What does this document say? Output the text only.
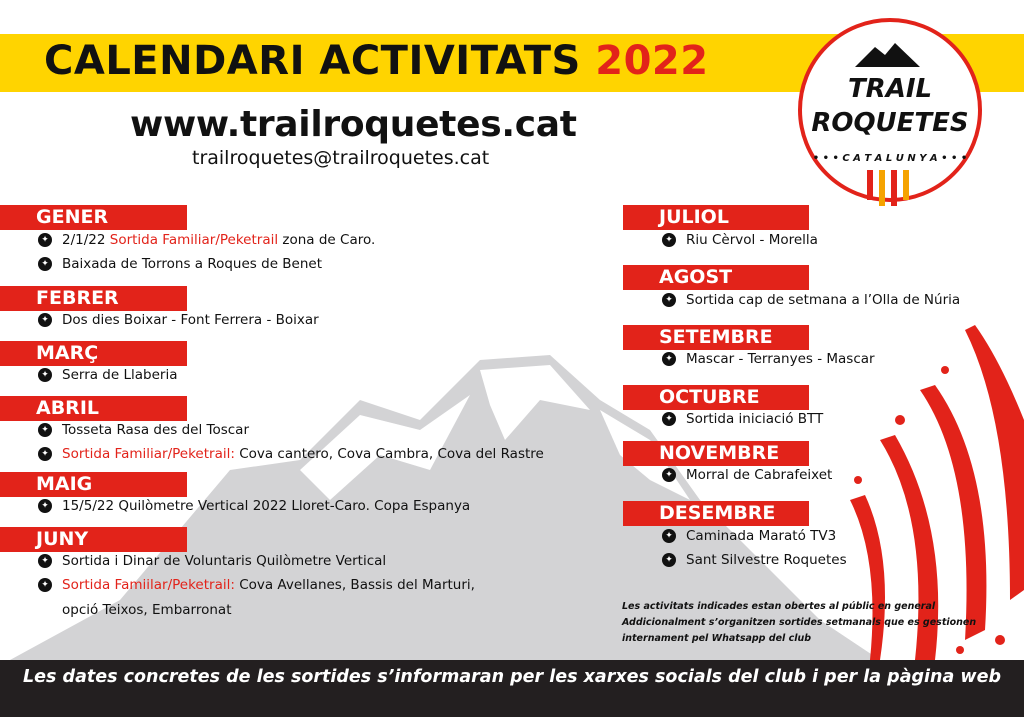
CALENDARI ACTIVITATS 2022
www.trailroquetes.cat
trailroquetes@trailroquetes.cat
TRAIL
ROQUETES
• • • C A T A L U N Y A • • •
GENER
✦ 2/1/22 Sortida Familiar/Peketrail zona de Caro.
✦ Baixada de Torrons a Roques de Benet
FEBRER
✦ Dos dies Boixar - Font Ferrera - Boixar
MARÇ
✦ Serra de Llaberia
ABRIL
✦ Tosseta Rasa des del Toscar
✦ Sortida Familiar/Peketrail: Cova cantero, Cova Cambra, Cova del Rastre
MAIG
✦ 15/5/22 Quilòmetre Vertical 2022 Lloret-Caro. Copa Espanya
JUNY
✦ Sortida i Dinar de Voluntaris Quilòmetre Vertical
✦ Sortida Famiilar/Peketrail: Cova Avellanes, Bassis del Marturi,
opció Teixos, Embarronat
JULIOL
✦ Riu Cèrvol - Morella
AGOST
✦ Sortida cap de setmana a l’Olla de Núria
SETEMBRE
✦ Mascar - Terranyes - Mascar
OCTUBRE
✦ Sortida iniciació BTT
NOVEMBRE
✦ Morral de Cabrafeixet
DESEMBRE
✦ Caminada Marató TV3
✦ Sant Silvestre Roquetes
Les activitats indicades estan obertes al públic en general
Addicionalment s’organitzen sortides setmanals que es gestionen
internament pel Whatsapp del club
Les dates concretes de les sortides s’informaran per les xarxes socials del club i per la pàgina web
